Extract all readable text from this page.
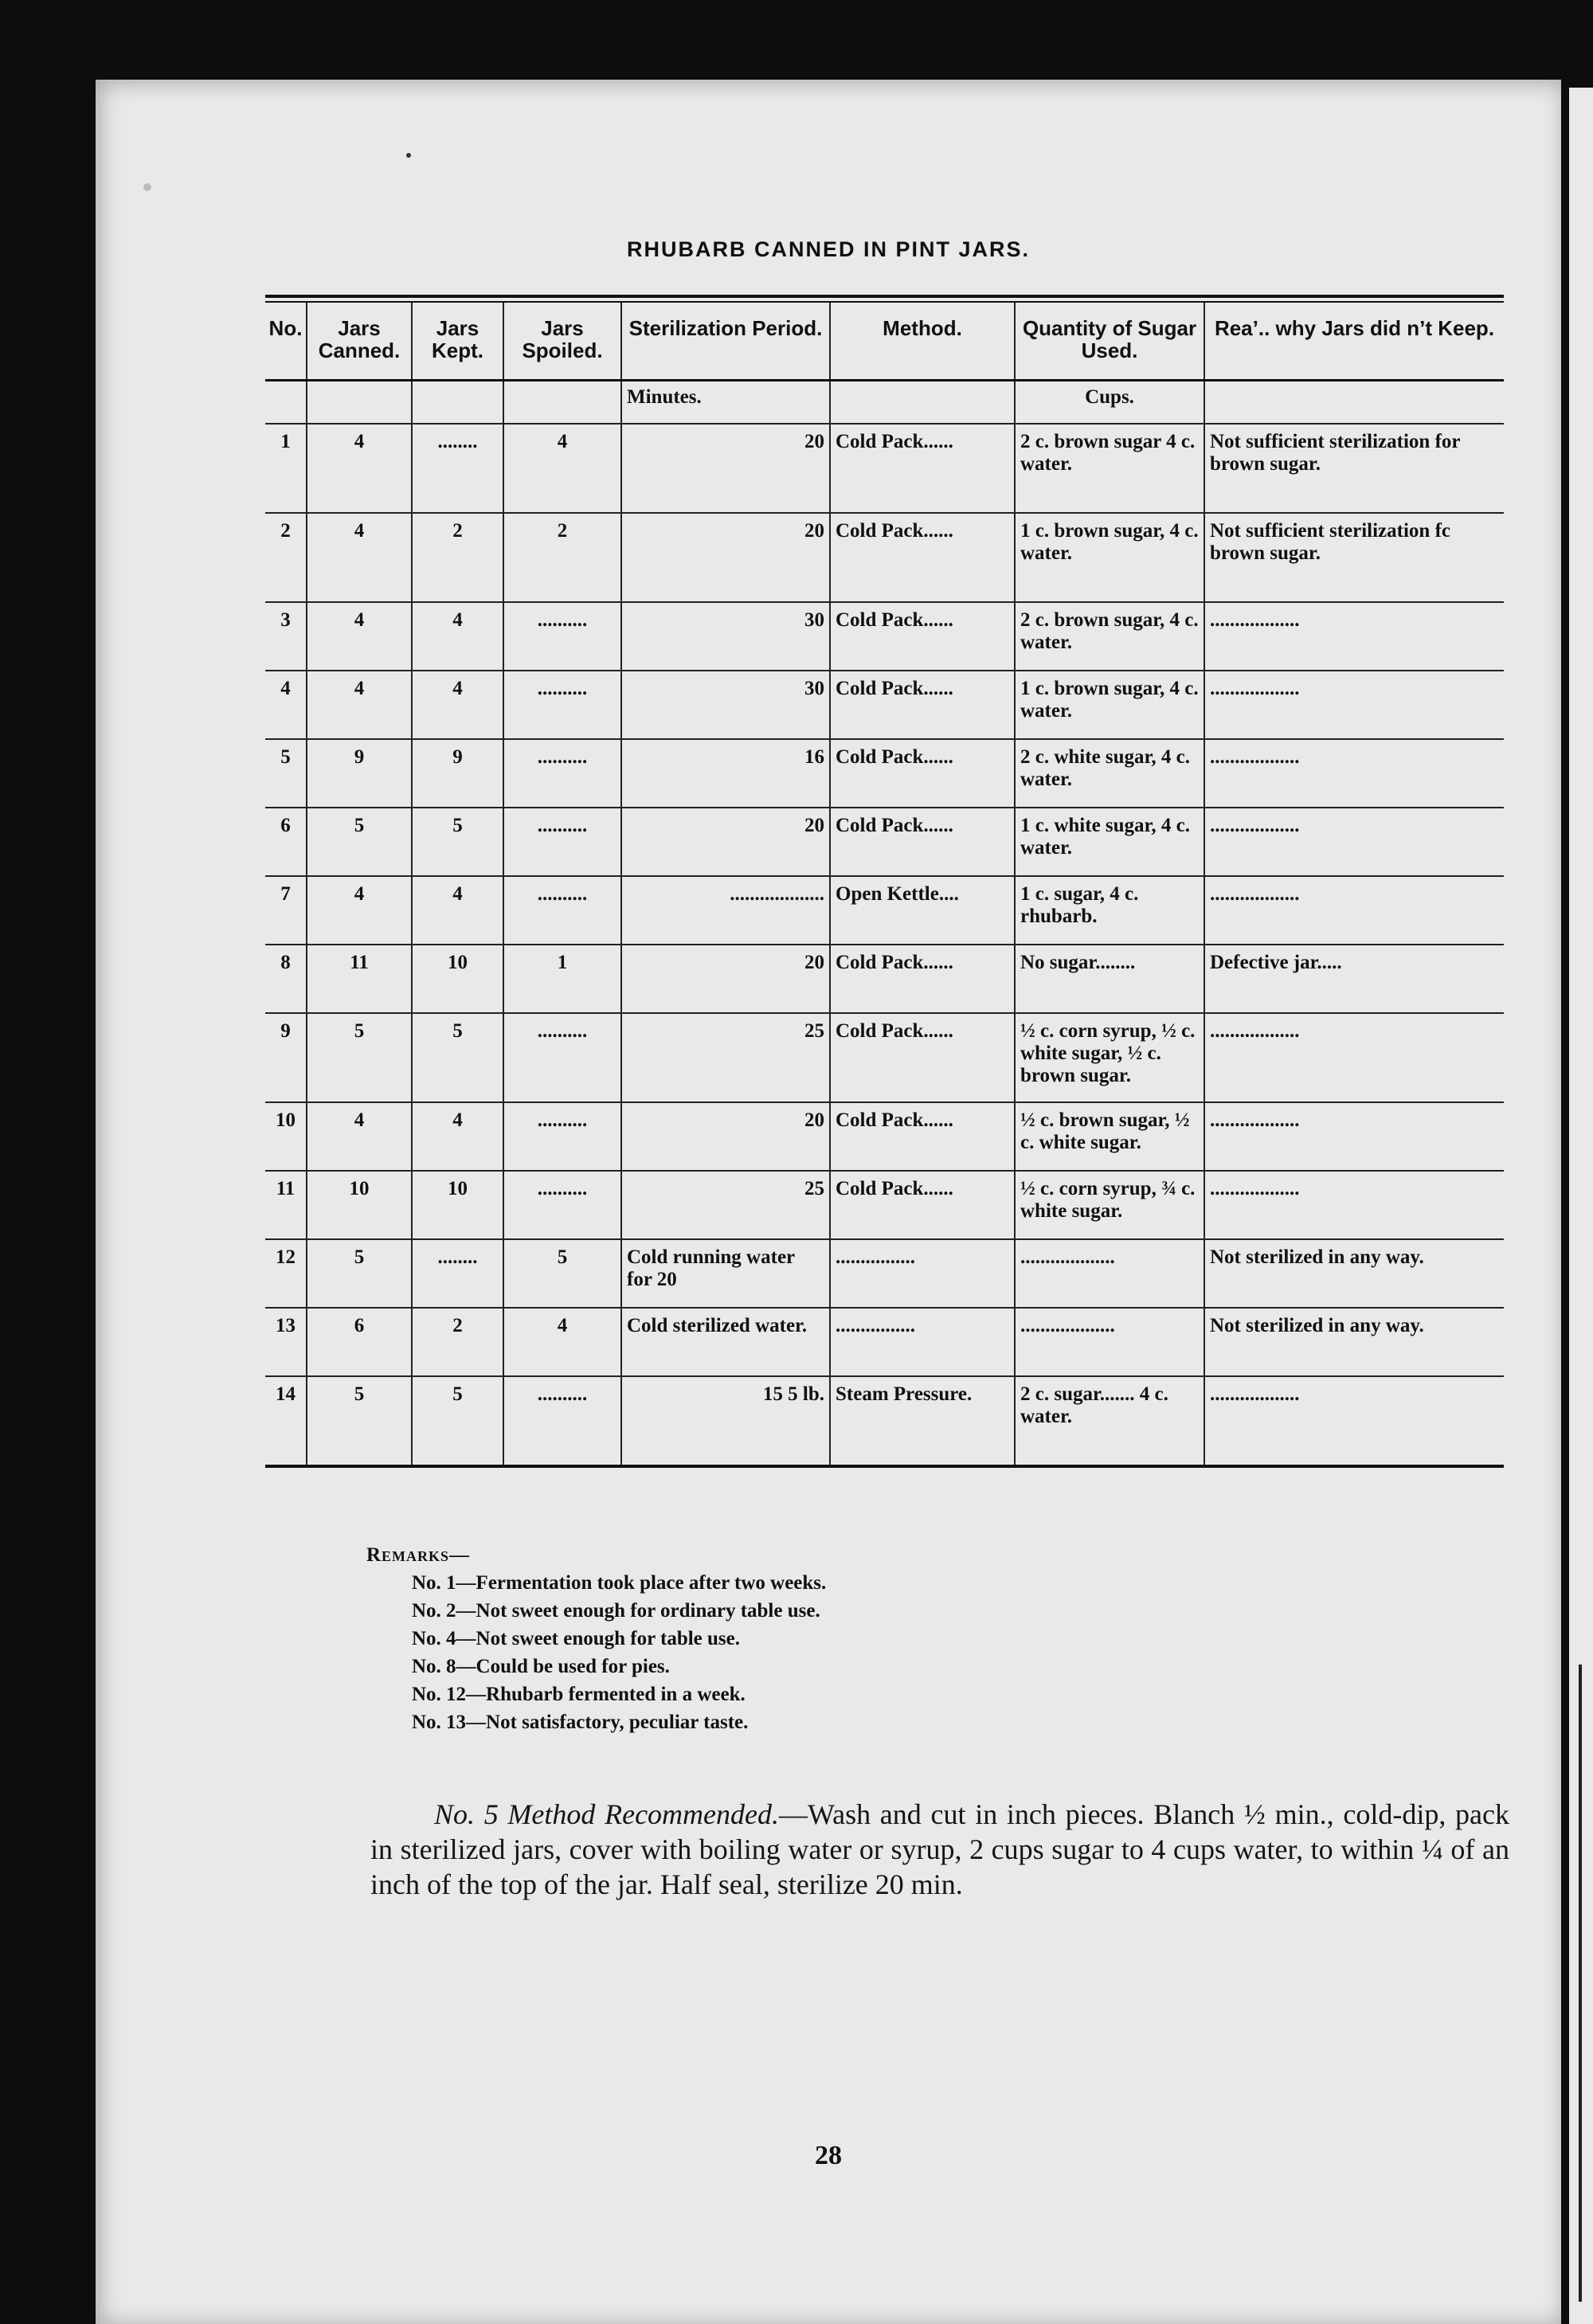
RHUBARB CANNED IN PINT JARS.
No.	Jars Canned.	Jars Kept.	Jars Spoiled.	Sterilization Period.	Method.	Quantity of Sugar Used.	Rea’.. why Jars did n’t Keep.
				Minutes.		Cups.	
1	4	........	4	20	Cold Pack......	2 c. brown sugar 4 c. water.	Not sufficient sterilization for brown sugar.
2	4	2	2	20	Cold Pack......	1 c. brown sugar, 4 c. water.	Not sufficient sterilization fc brown sugar.
3	4	4	..........	30	Cold Pack......	2 c. brown sugar, 4 c. water.	..................
4	4	4	..........	30	Cold Pack......	1 c. brown sugar, 4 c. water.	..................
5	9	9	..........	16	Cold Pack......	2 c. white sugar, 4 c. water.	..................
6	5	5	..........	20	Cold Pack......	1 c. white sugar, 4 c. water.	..................
7	4	4	..........	...................	Open Kettle....	1 c. sugar, 4 c. rhubarb.	..................
8	11	10	1	20	Cold Pack......	No sugar........	Defective jar.....
9	5	5	..........	25	Cold Pack......	½ c. corn syrup, ½ c. white sugar, ½ c. brown sugar.	..................
10	4	4	..........	20	Cold Pack......	½ c. brown sugar, ½ c. white sugar.	..................
11	10	10	..........	25	Cold Pack......	½ c. corn syrup, ¾ c. white sugar.	..................
12	5	........	5	Cold running water for 20	................	...................	Not sterilized in any way.
13	6	2	4	Cold sterilized water.	................	...................	Not sterilized in any way.
14	5	5	..........	15 5 lb.	Steam Pressure.	2 c. sugar....... 4 c. water.	..................
Remarks—
No. 1—Fermentation took place after two weeks.
No. 2—Not sweet enough for ordinary table use.
No. 4—Not sweet enough for table use.
No. 8—Could be used for pies.
No. 12—Rhubarb fermented in a week.
No. 13—Not satisfactory, peculiar taste.

No. 5 Method Recommended.—Wash and cut in inch pieces. Blanch ½ min., cold-dip, pack in sterilized jars, cover with boiling water or syrup, 2 cups sugar to 4 cups water, to within ¼ of an inch of the top of the jar. Half seal, sterilize 20 min.

28
